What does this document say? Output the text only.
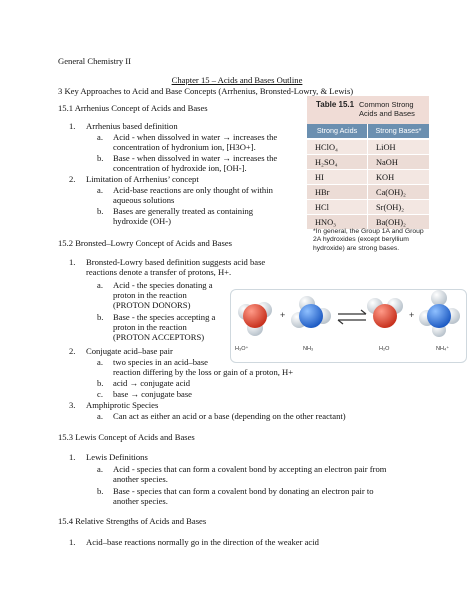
General Chemistry II
Chapter 15 – Acids and Bases Outline
3 Key Approaches to Acid and Base Concepts (Arrhenius, Bronsted-Lowry, & Lewis)
15.1 Arrhenius Concept of Acids and Bases
1. Arrhenius based definition
a. Acid - when dissolved in water → increases the
concentration of hydronium ion, [H3O+].
b. Base - when dissolved in water → increases the
concentration of hydroxide ion, [OH-].
2. Limitation of Arrhenius’ concept
a. Acid-base reactions are only thought of within
aqueous solutions
b. Bases are generally treated as containing
hydroxide (OH-)
Table 15.1 Common Strong Acids and Bases
Strong Acids	Strong Bases*
HClO₄	LiOH
H₂SO₄	NaOH
HI	KOH
HBr	Ca(OH)₂
HCl	Sr(OH)₂
HNO₃	Ba(OH)₂
*In general, the Group 1A and Group 2A hydroxides (except beryllium hydroxide) are strong bases.
15.2 Bronsted–Lowry Concept of Acids and Bases
1. Bronsted-Lowry based definition suggests acid base
reactions denote a transfer of protons, H+.
a. Acid - the species donating a
proton in the reaction
(PROTON DONORS)
b. Base - the species accepting a
proton in the reaction
(PROTON ACCEPTORS)
2. Conjugate acid–base pair
a. two species in an acid–base
reaction differing by the loss or gain of a proton, H+
b. acid → conjugate acid
c. base → conjugate base
3. Amphiprotic Species
a. Can act as either an acid or a base (depending on the other reactant)
+	+
H₃O⁺	NH₃	H₂O	NH₄⁺
15.3 Lewis Concept of Acids and Bases
1. Lewis Definitions
a. Acid - species that can form a covalent bond by accepting an electron pair from
another species.
b. Base - species that can form a covalent bond by donating an electron pair to
another species.
15.4 Relative Strengths of Acids and Bases
1. Acid–base reactions normally go in the direction of the weaker acid
